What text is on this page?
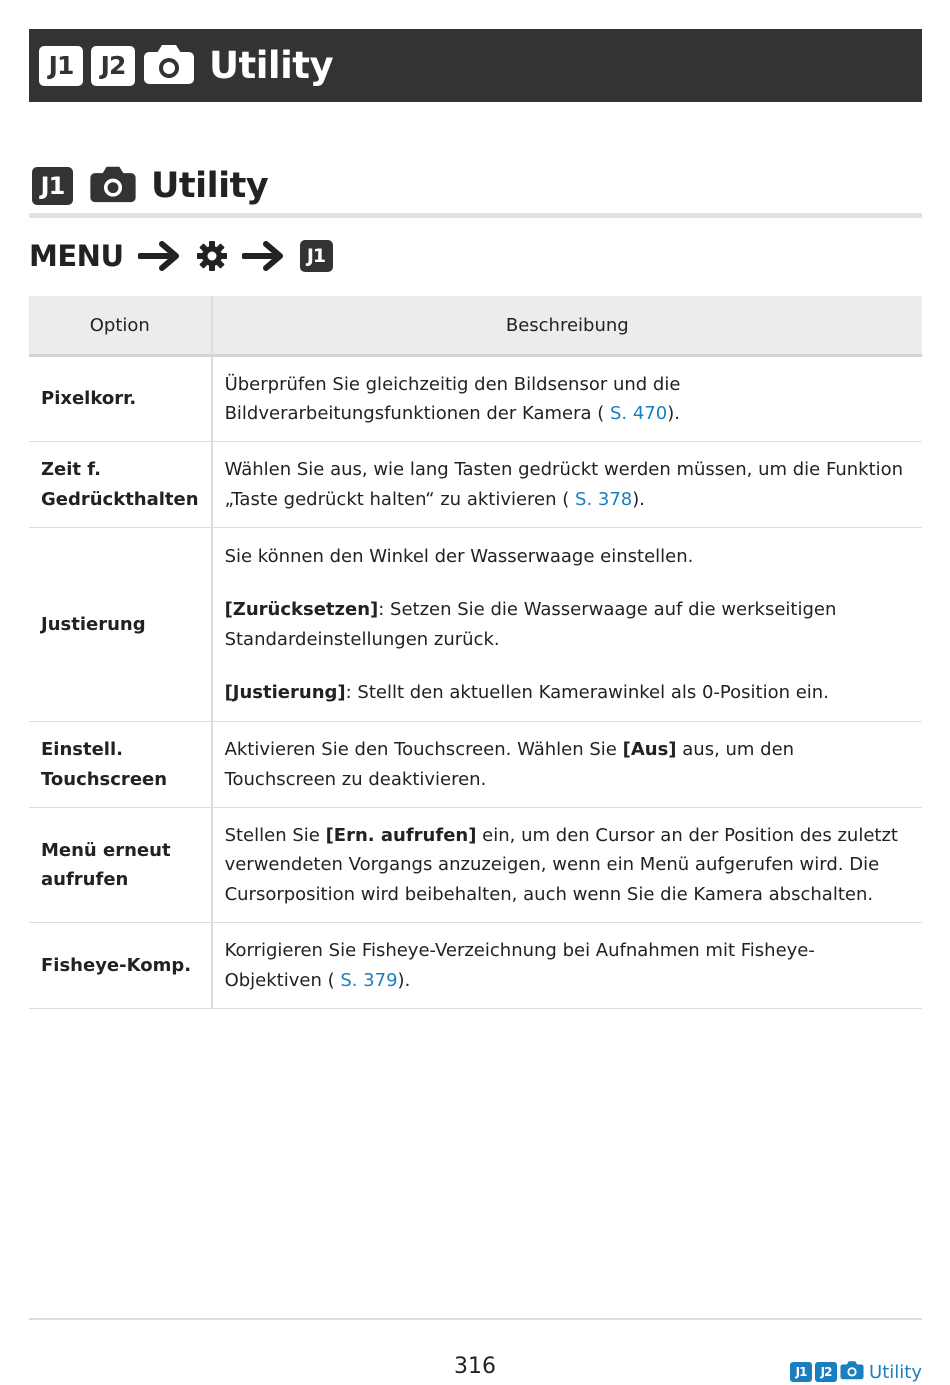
J1	J2 Utility
J1 Utility
MENU	J1
Option	Beschreibung
Pixelkorr.	Überprüfen Sie gleichzeitig den Bildsensor und die Bildverarbeitungsfunktionen der Kamera ( S. 470).
Zeit f. Gedrückthalten	Wählen Sie aus, wie lang Tasten gedrückt werden müssen, um die Funktion „Taste gedrückt halten“ zu aktivieren ( S. 378).
Justierung	Sie können den Winkel der Wasserwaage einstellen.

[Zurücksetzen]: Setzen Sie die Wasserwaage auf die werkseitigen Standardeinstellungen zurück.

[Justierung]: Stellt den aktuellen Kamerawinkel als 0-Position ein.

Einstell. Touchscreen	Aktivieren Sie den Touchscreen. Wählen Sie [Aus] aus, um den Touchscreen zu deaktivieren.
Menü erneut aufrufen	Stellen Sie [Ern. aufrufen] ein, um den Cursor an der Position des zuletzt verwendeten Vorgangs anzuzeigen, wenn ein Menü aufgerufen wird. Die Cursorposition wird beibehalten, auch wenn Sie die Kamera abschalten.
Fisheye-Komp.	Korrigieren Sie Fisheye-Verzeichnung bei Aufnahmen mit Fisheye-Objektiven ( S. 379).
316	J1	J2	Utility
